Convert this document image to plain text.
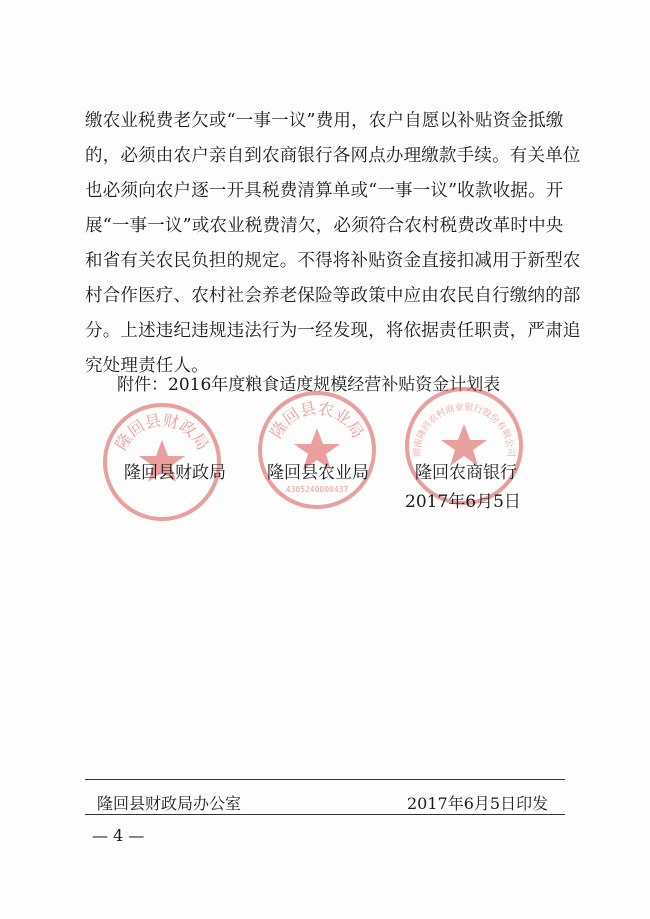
缴农业税费老欠或“一事一议”费用，农户自愿以补贴资金抵缴
的，必须由农户亲自到农商银行各网点办理缴款手续。有关单位
也必须向农户逐一开具税费清算单或“一事一议”收款收据。开
展“一事一议”或农业税费清欠，必须符合农村税费改革时中央
和省有关农民负担的规定。不得将补贴资金直接扣减用于新型农
村合作医疗、农村社会养老保险等政策中应由农民自行缴纳的部
分。上述违纪违规违法行为一经发现，将依据责任职责，严肃追
究处理责任人。
附件：2016年度粮食适度规模经营补贴资金计划表
隆回县财政局
隆回县农业局
4305240000437
湖南隆回农村商业银行股份有限公司
隆回县财政局 隆回县农业局	隆回农商银行
2017年6月5日
隆回县财政局办公室	2017年6月5日印发
— 4 —
